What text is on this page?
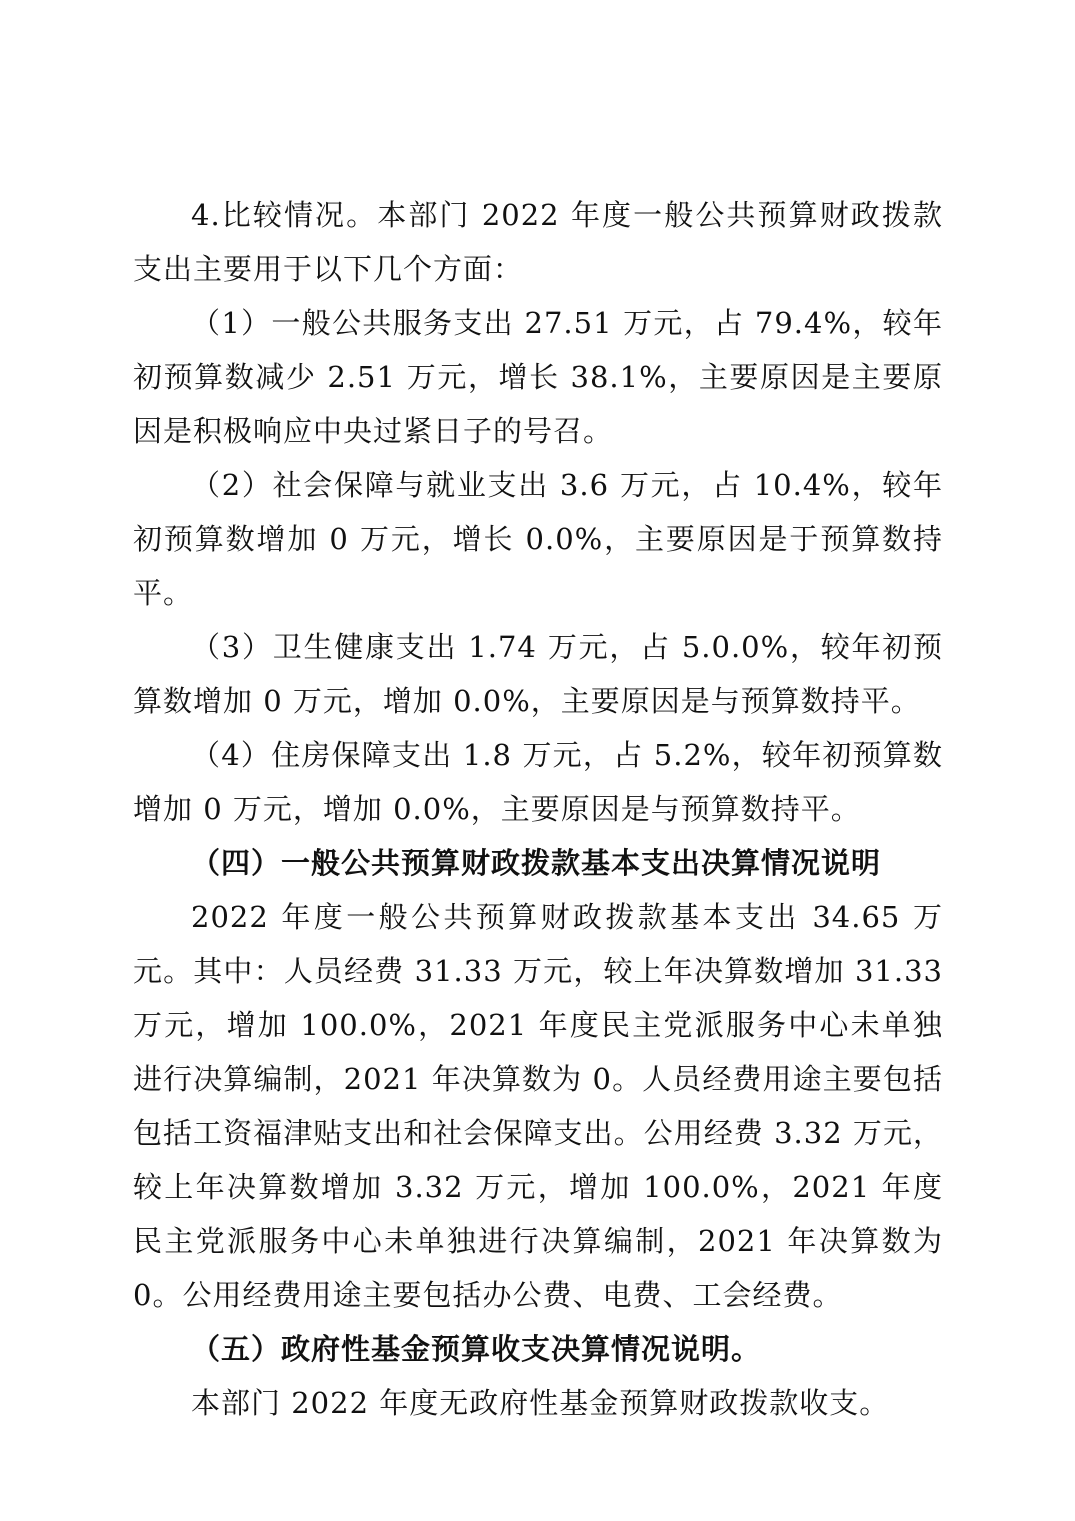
4.比较情况。本部门 2022 年度一般公共预算财政拨款支出主要用于以下几个方面：

（1）一般公共服务支出 27.51 万元，占 79.4%，较年初预算数减少 2.51 万元，增长 38.1%，主要原因是主要原因是积极响应中央过紧日子的号召。

（2）社会保障与就业支出 3.6 万元，占 10.4%，较年初预算数增加 0 万元，增长 0.0%，主要原因是于预算数持平。

（3）卫生健康支出 1.74 万元，占 5.0.0%，较年初预算数增加 0 万元，增加 0.0%，主要原因是与预算数持平。

（4）住房保障支出 1.8 万元，占 5.2%，较年初预算数增加 0 万元，增加 0.0%，主要原因是与预算数持平。

（四）一般公共预算财政拨款基本支出决算情况说明

2022 年度一般公共预算财政拨款基本支出 34.65 万元。其中：人员经费 31.33 万元，较上年决算数增加 31.33 万元，增加 100.0%，2021 年度民主党派服务中心未单独进行决算编制，2021 年决算数为 0。人员经费用途主要包括包括工资福津贴支出和社会保障支出。公用经费 3.32 万元，较上年决算数增加 3.32 万元，增加 100.0%，2021 年度民主党派服务中心未单独进行决算编制，2021 年决算数为 0。公用经费用途主要包括办公费、电费、工会经费。

（五）政府性基金预算收支决算情况说明。

本部门 2022 年度无政府性基金预算财政拨款收支。
